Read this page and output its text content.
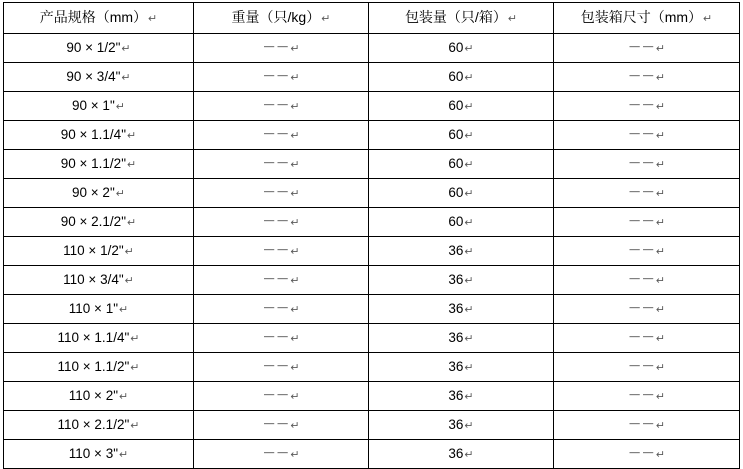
产品规格（mm）↵	重量（只/kg）↵	包装量（只/箱）↵	包装箱尺寸（mm）↵
90 × 1/2"↵	－－↵	60↵	－－↵
90 × 3/4"↵	－－↵	60↵	－－↵
90 × 1"↵	－－↵	60↵	－－↵
90 × 1.1/4"↵	－－↵	60↵	－－↵
90 × 1.1/2"↵	－－↵	60↵	－－↵
90 × 2"↵	－－↵	60↵	－－↵
90 × 2.1/2"↵	－－↵	60↵	－－↵
110 × 1/2"↵	－－↵	36↵	－－↵
110 × 3/4"↵	－－↵	36↵	－－↵
110 × 1"↵	－－↵	36↵	－－↵
110 × 1.1/4"↵	－－↵	36↵	－－↵
110 × 1.1/2"↵	－－↵	36↵	－－↵
110 × 2"↵	－－↵	36↵	－－↵
110 × 2.1/2"↵	－－↵	36↵	－－↵
110 × 3"↵	－－↵	36↵	－－↵
